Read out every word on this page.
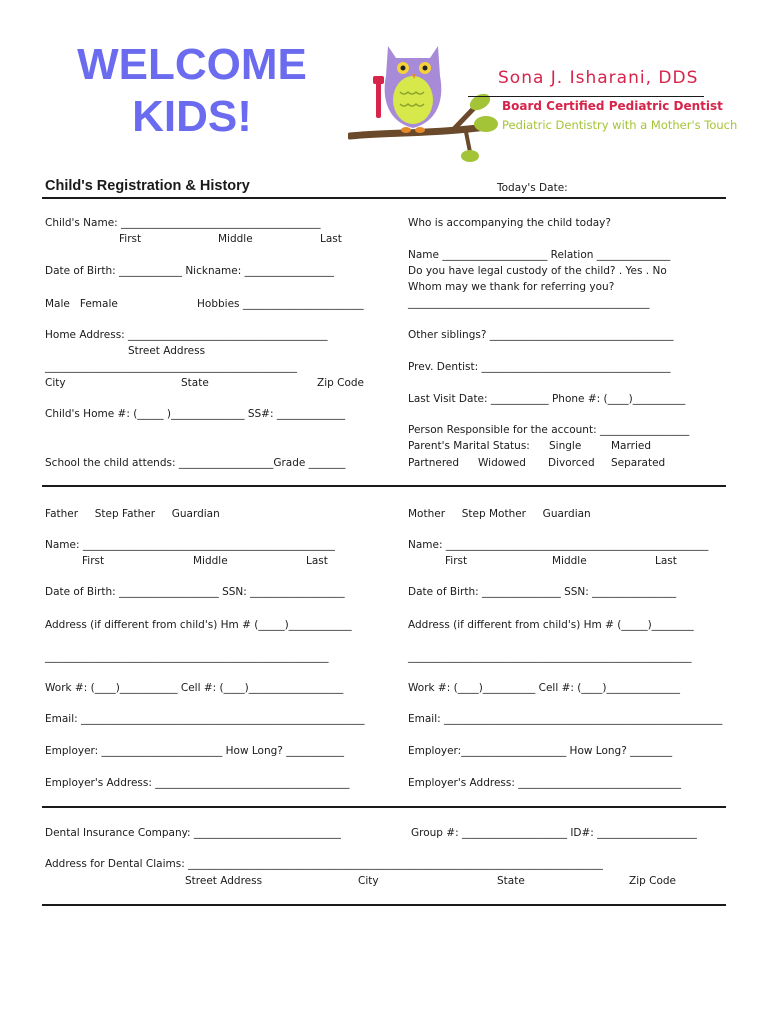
WELCOME
KIDS!
Sona J. Isharani, DDS
Board Certified Pediatric Dentist
Pediatric Dentistry with a Mother's Touch
Child's Registration & History	Today's Date:
Child's Name: ______________________________________
First	Middle	Last
Date of Birth: ____________ Nickname: _________________
Male   Female	Hobbies _______________________
Home Address: ______________________________________
Street Address
________________________________________________
City	State	Zip Code
Child's Home #: (_____ )______________ SS#: _____________
School the child attends: __________________Grade _______
Who is accompanying the child today?
Name ____________________ Relation ______________
Do you have legal custody of the child? . Yes . No
Whom may we thank for referring you?
______________________________________________
Other siblings? ___________________________________
Prev. Dentist: ____________________________________
Last Visit Date: ___________ Phone #: (____)__________
Person Responsible for the account: _________________
Parent's Marital Status: Single	Married
Partnered Widowed Divorced Separated
Father     Step Father     Guardian
Name: ________________________________________________
First	Middle	Last
Date of Birth: ___________________ SSN: __________________
Address (if different from child's) Hm # (_____)____________
______________________________________________________
Work #: (____)___________ Cell #: (____)__________________
Email: ______________________________________________________
Employer: _______________________ How Long? ___________
Employer's Address: _____________________________________
Mother     Step Mother     Guardian
Name: __________________________________________________
First	Middle	Last
Date of Birth: _______________ SSN: ________________
Address (if different from child's) Hm # (_____)________
______________________________________________________
Work #: (____)__________ Cell #: (____)______________
Email: _____________________________________________________
Employer:____________________ How Long? ________
Employer's Address: _______________________________
Dental Insurance Company: ____________________________	Group #: ____________________ ID#: ___________________
Address for Dental Claims: _______________________________________________________________________________
Street Address	City	State	Zip Code
